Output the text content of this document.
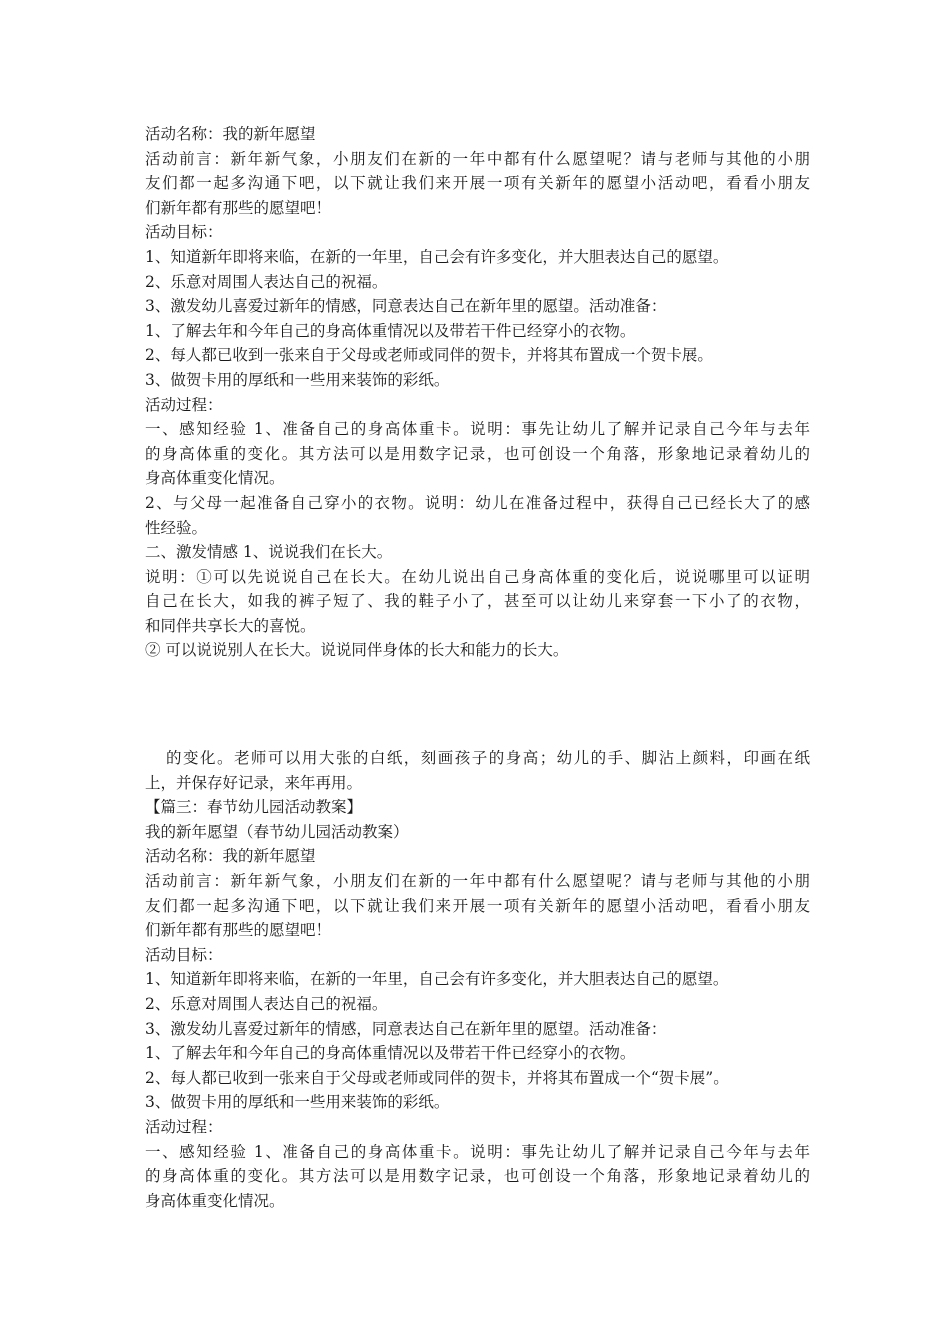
活动名称：我的新年愿望
活动前言：新年新气象，小朋友们在新的一年中都有什么愿望呢？请与老师与其他的小朋
友们都一起多沟通下吧，以下就让我们来开展一项有关新年的愿望小活动吧，看看小朋友
们新年都有那些的愿望吧！
活动目标：
1、知道新年即将来临，在新的一年里，自己会有许多变化，并大胆表达自己的愿望。
2、乐意对周围人表达自己的祝福。
3、激发幼儿喜爱过新年的情感，同意表达自己在新年里的愿望。活动准备：
1、了解去年和今年自己的身高体重情况以及带若干件已经穿小的衣物。
2、每人都已收到一张来自于父母或老师或同伴的贺卡，并将其布置成一个贺卡展。
3、做贺卡用的厚纸和一些用来装饰的彩纸。
活动过程：
一、感知经验 1、准备自己的身高体重卡。说明：事先让幼儿了解并记录自己今年与去年
的身高体重的变化。其方法可以是用数字记录，也可创设一个角落，形象地记录着幼儿的
身高体重变化情况。
2、与父母一起准备自己穿小的衣物。说明：幼儿在准备过程中，获得自己已经长大了的感
性经验。
二、激发情感 1、说说我们在长大。
说明：①可以先说说自己在长大。在幼儿说出自己身高体重的变化后，说说哪里可以证明
自己在长大，如我的裤子短了、我的鞋子小了，甚至可以让幼儿来穿套一下小了的衣物，
和同伴共享长大的喜悦。
② 可以说说别人在长大。说说同伴身体的长大和能力的长大。
的变化。老师可以用大张的白纸，刻画孩子的身高；幼儿的手、脚沾上颜料，印画在纸
上，并保存好记录，来年再用。
【篇三：春节幼儿园活动教案】
我的新年愿望（春节幼儿园活动教案）
活动名称：我的新年愿望
活动前言：新年新气象，小朋友们在新的一年中都有什么愿望呢？请与老师与其他的小朋
友们都一起多沟通下吧，以下就让我们来开展一项有关新年的愿望小活动吧，看看小朋友
们新年都有那些的愿望吧！
活动目标：
1、知道新年即将来临，在新的一年里，自己会有许多变化，并大胆表达自己的愿望。
2、乐意对周围人表达自己的祝福。
3、激发幼儿喜爱过新年的情感，同意表达自己在新年里的愿望。活动准备：
1、了解去年和今年自己的身高体重情况以及带若干件已经穿小的衣物。
2、每人都已收到一张来自于父母或老师或同伴的贺卡，并将其布置成一个“贺卡展”。
3、做贺卡用的厚纸和一些用来装饰的彩纸。
活动过程：
一、感知经验 1、准备自己的身高体重卡。说明：事先让幼儿了解并记录自己今年与去年
的身高体重的变化。其方法可以是用数字记录，也可创设一个角落，形象地记录着幼儿的
身高体重变化情况。
